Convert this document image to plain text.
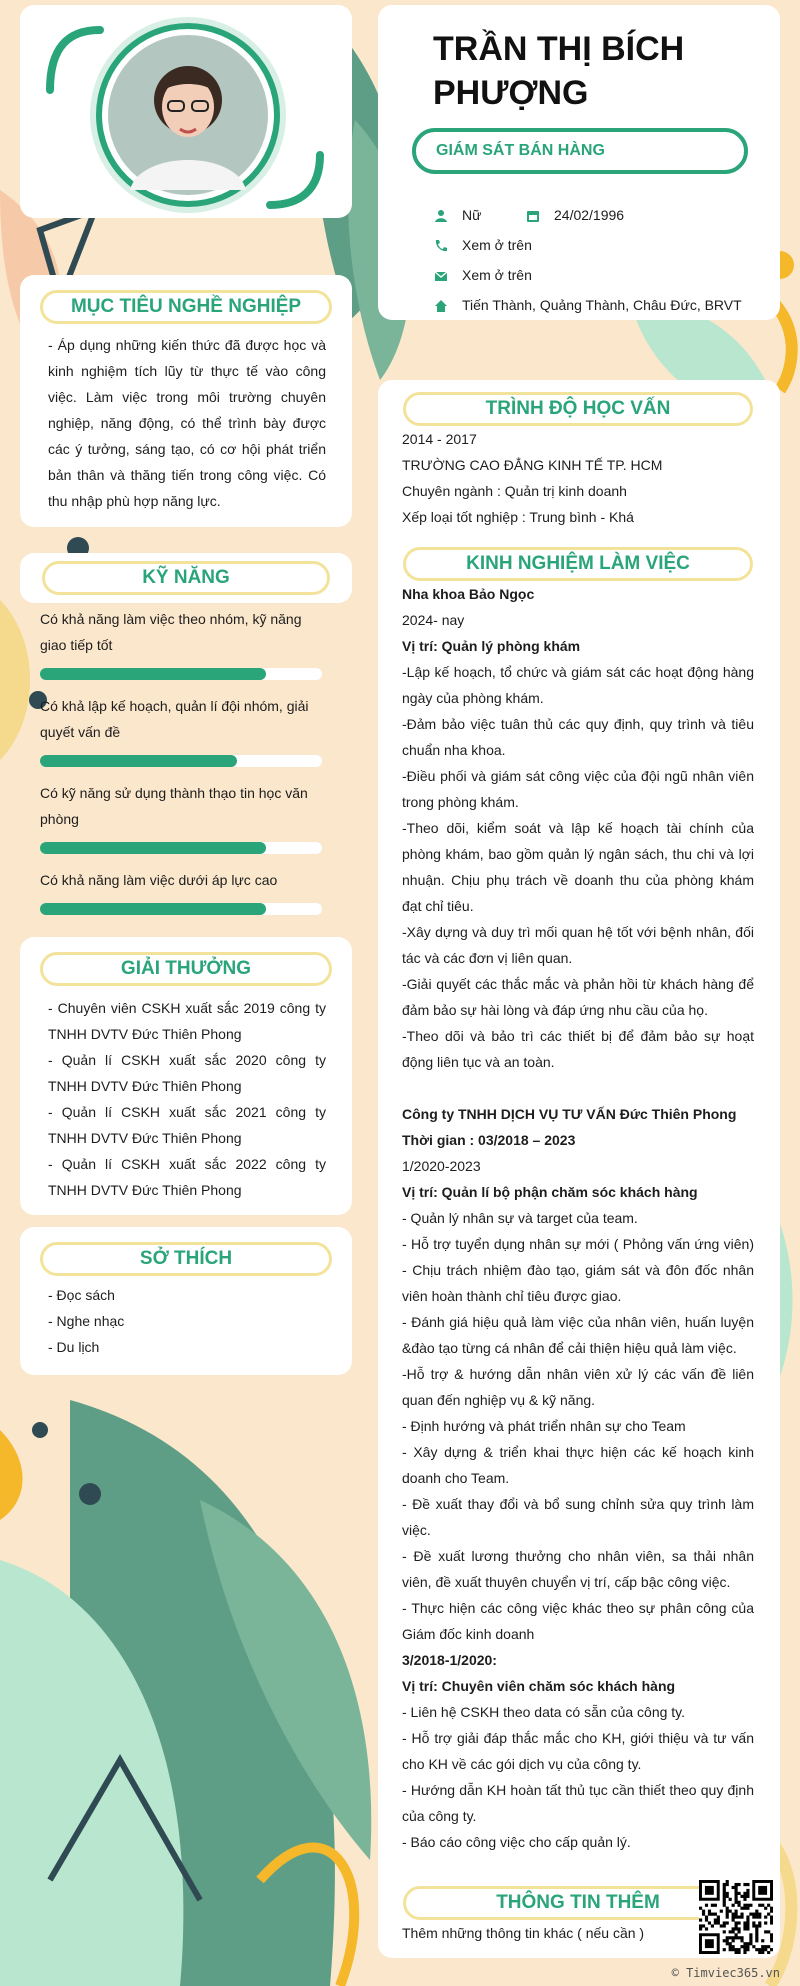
TRẦN THỊ BÍCH
PHƯỢNG
GIÁM SÁT BÁN HÀNG
Nữ	24/02/1996
Xem ở trên
Xem ở trên
Tiến Thành, Quảng Thành, Châu Đức, BRVT
MỤC TIÊU NGHỀ NGHIỆP
- Áp dụng những kiến thức đã được học và kinh nghiệm tích lũy từ thực tế vào công việc. Làm việc trong môi trường chuyên nghiệp, năng động, có thể trình bày được các ý tưởng, sáng tạo, có cơ hội phát triển bản thân và thăng tiến trong công việc. Có thu nhập phù hợp năng lực.
KỸ NĂNG
Có khả năng làm việc theo nhóm, kỹ năng giao tiếp tốt
Có khả lập kế hoạch, quản lí đội nhóm, giải quyết vấn đề
Có kỹ năng sử dụng thành thạo tin học văn phòng
Có khả năng làm việc dưới áp lực cao
GIẢI THƯỞNG
- Chuyên viên CSKH xuất sắc 2019 công ty TNHH DVTV Đức Thiên Phong
- Quản lí CSKH xuất sắc 2020 công ty TNHH DVTV Đức Thiên Phong
- Quản lí CSKH xuất sắc 2021 công ty TNHH DVTV Đức Thiên Phong
- Quản lí CSKH xuất sắc 2022 công ty TNHH DVTV Đức Thiên Phong
SỞ THÍCH
- Đọc sách
- Nghe nhạc
- Du lịch
TRÌNH ĐỘ HỌC VẤN
2014 - 2017
TRƯỜNG CAO ĐẲNG KINH TẾ TP. HCM
Chuyên ngành : Quản trị kinh doanh
Xếp loại tốt nghiệp : Trung bình - Khá
KINH NGHIỆM LÀM VIỆC
Nha khoa Bảo Ngọc
2024- nay
Vị trí: Quản lý phòng khám
-Lập kế hoạch, tổ chức và giám sát các hoạt động hàng ngày của phòng khám.
-Đảm bảo việc tuân thủ các quy định, quy trình và tiêu chuẩn nha khoa.
-Điều phối và giám sát công việc của đội ngũ nhân viên trong phòng khám.
-Theo dõi, kiểm soát và lập kế hoạch tài chính của phòng khám, bao gồm quản lý ngân sách, thu chi và lợi nhuận. Chịu phụ trách về doanh thu của phòng khám đạt chỉ tiêu.
-Xây dựng và duy trì mối quan hệ tốt với bệnh nhân, đối tác và các đơn vị liên quan.
-Giải quyết các thắc mắc và phản hồi từ khách hàng để đảm bảo sự hài lòng và đáp ứng nhu cầu của họ.
-Theo dõi và bảo trì các thiết bị để đảm bảo sự hoạt động liên tục và an toàn.
Công ty TNHH DỊCH VỤ TƯ VẤN Đức Thiên Phong
Thời gian : 03/2018 – 2023
1/2020-2023
Vị trí: Quản lí bộ phận chăm sóc khách hàng
- Quản lý nhân sự và target của team.
- Hỗ trợ tuyển dụng nhân sự mới ( Phỏng vấn ứng viên) - Chịu trách nhiệm đào tạo, giám sát và đôn đốc nhân viên hoàn thành chỉ tiêu được giao.
- Đánh giá hiệu quả làm việc của nhân viên, huấn luyện &đào tạo từng cá nhân để cải thiện hiệu quả làm việc.
-Hỗ trợ & hướng dẫn nhân viên xử lý các vấn đề liên quan đến nghiệp vụ & kỹ năng.
- Định hướng và phát triển nhân sự cho Team
- Xây dựng & triển khai thực hiện các kế hoạch kinh doanh cho Team.
- Đề xuất thay đổi và bổ sung chỉnh sửa quy trình làm việc.
- Đề xuất lương thưởng cho nhân viên, sa thải nhân viên, đề xuất thuyên chuyển vị trí, cấp bậc công việc.
- Thực hiện các công việc khác theo sự phân công của Giám đốc kinh doanh
3/2018-1/2020:
Vị trí: Chuyên viên chăm sóc khách hàng
- Liên hệ CSKH theo data có sẵn của công ty.
- Hỗ trợ giải đáp thắc mắc cho KH, giới thiệu và tư vấn cho KH về các gói dịch vụ của công ty.
- Hướng dẫn KH hoàn tất thủ tục cần thiết theo quy định của công ty.
- Báo cáo công việc cho cấp quản lý.
THÔNG TIN THÊM
Thêm những thông tin khác ( nếu cần )
© Timviec365.vn
